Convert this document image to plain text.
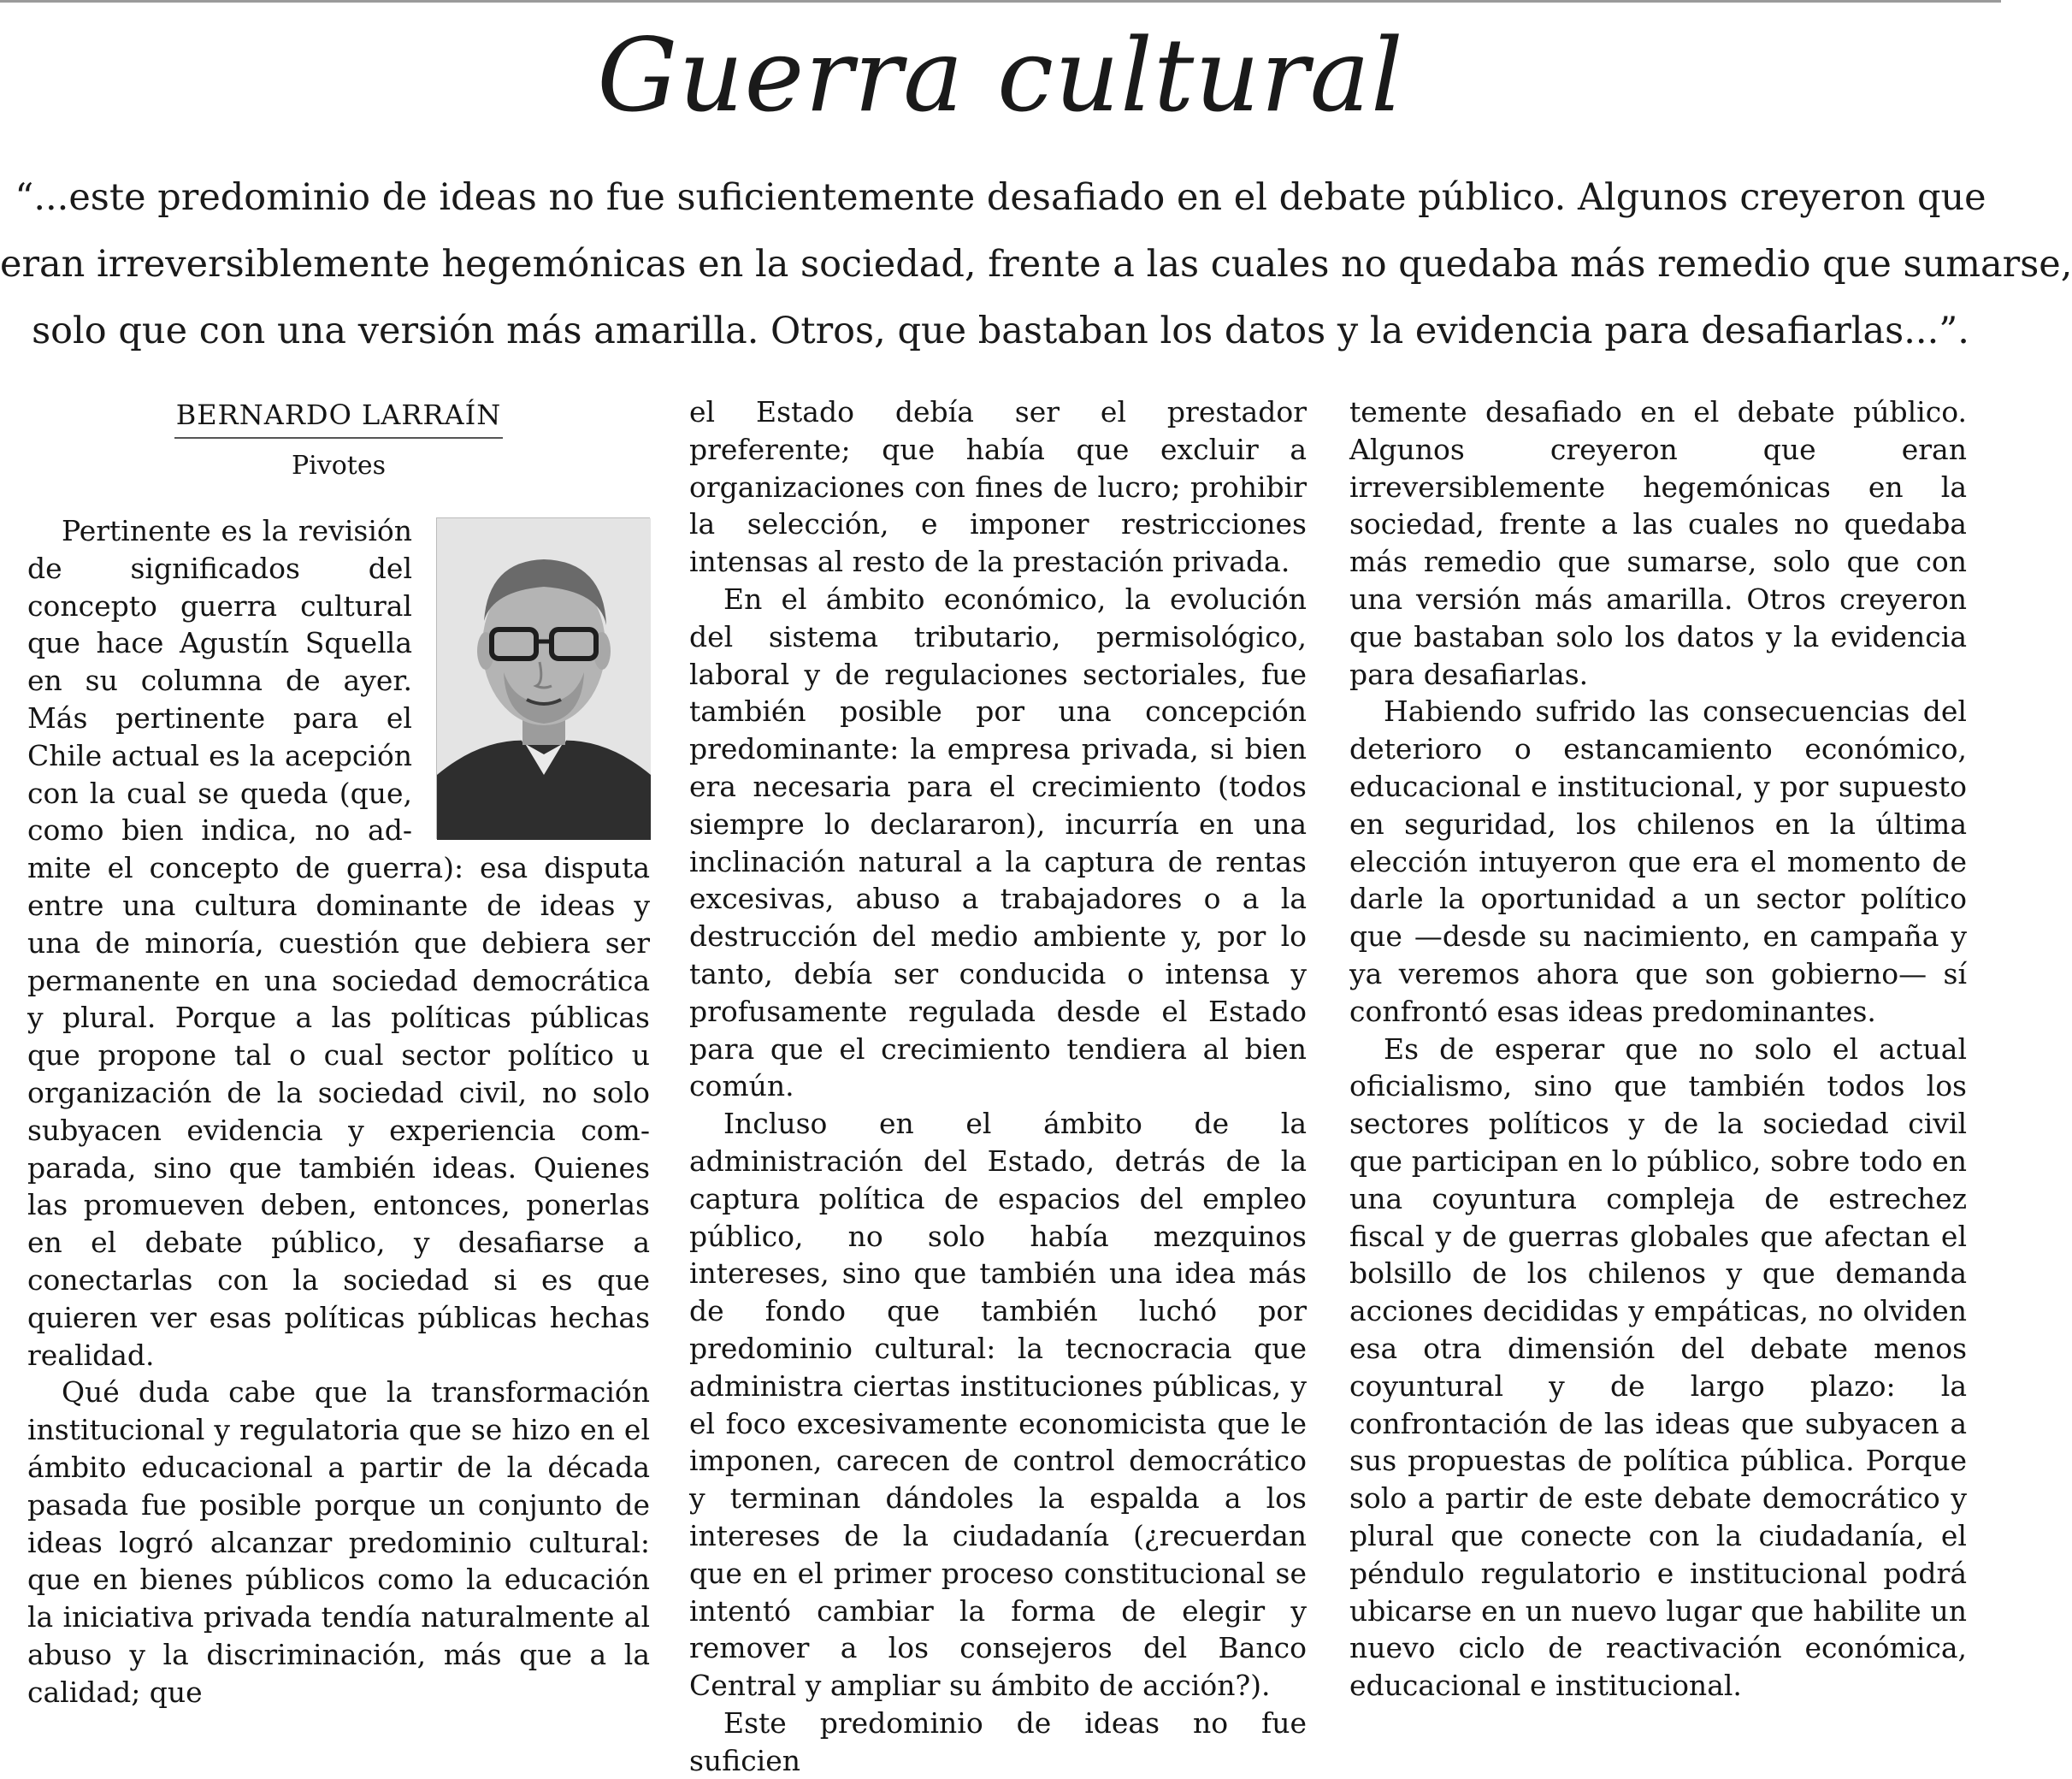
Guerra cultural
“...este predominio de ideas no fue suficientemente desafiado en el debate público. Algunos creyeron que
eran irreversiblemente hegemónicas en la sociedad, frente a las cuales no quedaba más remedio que sumarse,
solo que con una versión más amarilla. Otros, que bastaban los datos y la evidencia para desafiarlas...”.
BERNARDO LARRAÍN
Pivotes

Pertinente es la revisión de significados del concepto guerra cultural que hace Agustín Squella en su columna de ayer. Más pertinente para el Chile actual es la acepción con la cual se queda (que, como bien indica, no admite el concepto de guerra): esa disputa entre una cultura dominante de ideas y una de minoría, cuestión que debiera ser permanente en una sociedad democrática y plural. Porque a las políticas públicas que propone tal o cual sector político u organización de la sociedad civil, no solo subyacen evidencia y experiencia comparada, sino que también ideas. Quienes las promueven deben, entonces, ponerlas en el debate público, y desafiarse a conectarlas con la sociedad si es que quieren ver esas políticas públicas hechas realidad.

Qué duda cabe que la transformación institucional y regulatoria que se hizo en el ámbito educacional a partir de la década pasada fue posible porque un conjunto de ideas logró alcanzar predominio cultural: que en bienes públicos como la educación la iniciativa privada tendía naturalmente al abuso y la discriminación, más que a la calidad; que

el Estado debía ser el prestador preferente; que había que excluir a organizaciones con fines de lucro; prohibir la selección, e imponer restricciones intensas al resto de la prestación privada.

En el ámbito económico, la evolución del sistema tributario, permisológico, laboral y de regulaciones sectoriales, fue también posible por una concepción predominante: la empresa privada, si bien era necesaria para el crecimiento (todos siempre lo declararon), incurría en una inclinación natural a la captura de rentas excesivas, abuso a trabajadores o a la destrucción del medio ambiente y, por lo tanto, debía ser conducida o intensa y profusamente regulada desde el Estado para que el crecimiento tendiera al bien común.

Incluso en el ámbito de la administración del Estado, detrás de la captura política de espacios del empleo público, no solo había mezquinos intereses, sino que también una idea más de fondo que también luchó por predominio cultural: la tecnocracia que administra ciertas instituciones públicas, y el foco excesivamente economicista que le imponen, carecen de control democrático y terminan dándoles la espalda a los intereses de la ciudadanía (¿recuerdan que en el primer proceso constitucional se intentó cambiar la forma de elegir y remover a los consejeros del Banco Central y ampliar su ámbito de acción?).

Este predominio de ideas no fue suficien

temente desafiado en el debate público. Algunos creyeron que eran irreversiblemente hegemónicas en la sociedad, frente a las cuales no quedaba más remedio que sumarse, solo que con una versión más amarilla. Otros creyeron que bastaban solo los datos y la evidencia para desafiarlas.

Habiendo sufrido las consecuencias del deterioro o estancamiento económico, educacional e institucional, y por supuesto en seguridad, los chilenos en la última elección intuyeron que era el momento de darle la oportunidad a un sector político que —desde su nacimiento, en campaña y ya veremos ahora que son gobierno— sí confrontó esas ideas predominantes.

Es de esperar que no solo el actual oficialismo, sino que también todos los sectores políticos y de la sociedad civil que participan en lo público, sobre todo en una coyuntura compleja de estrechez fiscal y de guerras globales que afectan el bolsillo de los chilenos y que demanda acciones decididas y empáticas, no olviden esa otra dimensión del debate menos coyuntural y de largo plazo: la confrontación de las ideas que subyacen a sus propuestas de política pública. Porque solo a partir de este debate democrático y plural que conecte con la ciudadanía, el péndulo regulatorio e institucional podrá ubicarse en un nuevo lugar que habilite un nuevo ciclo de reactivación económica, educacional e institucional.
